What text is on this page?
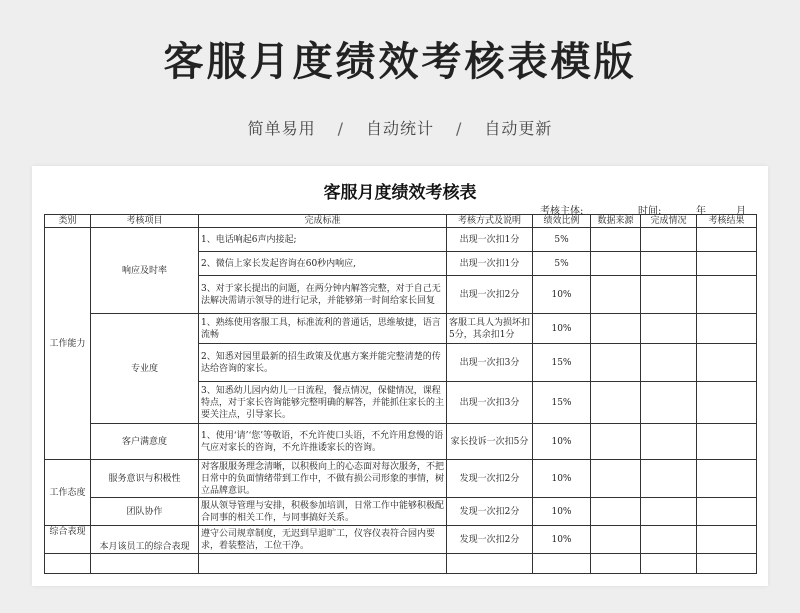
客服月度绩效考核表模版
简单易用 / 自动统计 / 自动更新
客服月度绩效考核表
考核主体:	时间:	年	月
类别	考核项目	完成标准	考核方式及说明	绩效比例	数据来源	完成情况	考核结果
工作能力	响应及时率	1、电话响起6声内接起;	出现一次扣1分	5%			
		2、微信上家长发起咨询在60秒内响应,	出现一次扣1分	5%			
		3、对于家长提出的问题，在两分钟内解答完整，对于自己无法解决需请示领导的进行记录，并能够第一时间给家长回复	出现一次扣2分	10%			
	专业度	1、熟练使用客服工具，标准流利的普通话，思维敏捷，语言流畅	客服工具人为损坏扣5分，其余扣1分	10%			
		2、知悉对园里最新的招生政策及优惠方案并能完整清楚的传达给咨询的家长。	出现一次扣3分	15%			
		3、知悉幼儿园内幼儿一日流程，餐点情况，保健情况，课程特点，对于家长咨询能够完整明确的解答，并能抓住家长的主要关注点，引导家长。	出现一次扣3分	15%			
	客户满意度	1、使用‘请’‘您’等敬语，不允许使口头语，不允许用怠慢的语气应对家长的咨询，不允许推诿家长的咨询。	家长投诉一次扣5分	10%			
工作态度	服务意识与积极性	对客服服务理念清晰，以积极向上的心态面对每次服务，不把日常中的负面情绪带到工作中，不做有损公司形象的事情，树立品牌意识。	发现一次扣2分	10%			
	团队协作	服从领导管理与安排，积极参加培训，日常工作中能够积极配合同事的相关工作，与同事搞好关系。	发现一次扣2分	10%			
综合表现	本月该员工的综合表现	遵守公司规章制度，无迟到早退旷工，仪容仪表符合园内要求，着装整洁，工位干净。	发现一次扣2分	10%			
